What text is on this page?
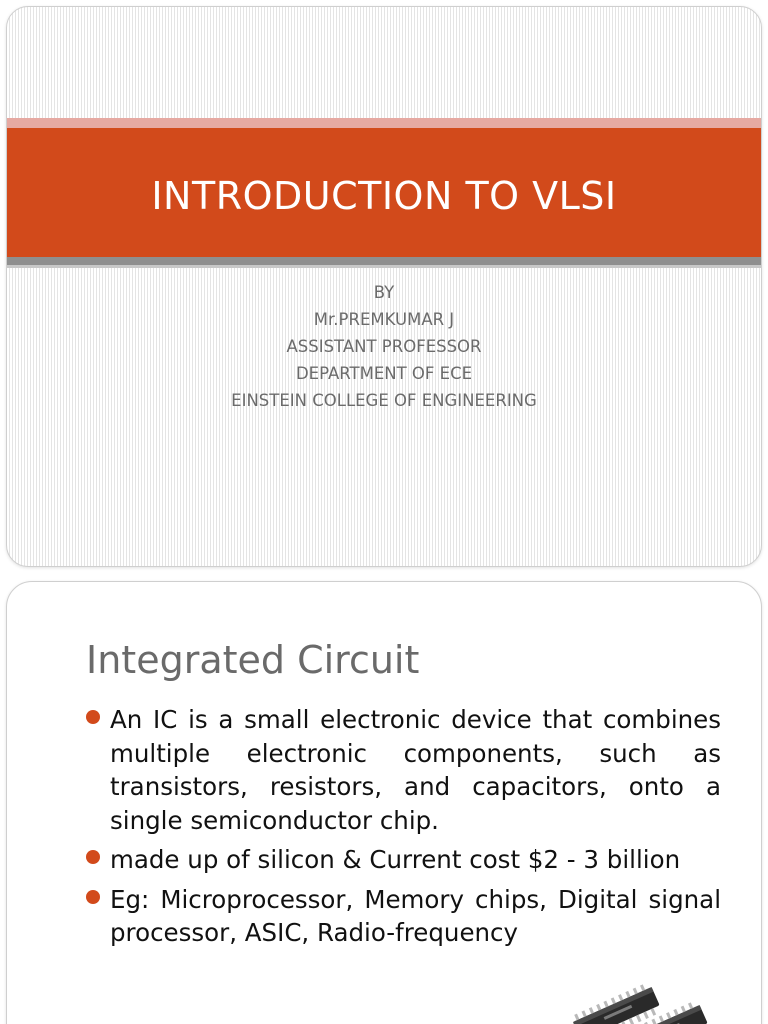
INTRODUCTION TO VLSI
BY
Mr.PREMKUMAR J
ASSISTANT PROFESSOR
DEPARTMENT OF ECE
EINSTEIN COLLEGE OF ENGINEERING
Integrated Circuit
An IC is a small electronic device that combines multiple electronic components, such as transistors, resistors, and capacitors, onto a single semiconductor chip.
made up of silicon & Current cost $2 - 3 billion
Eg: Microprocessor, Memory chips, Digital signal processor, ASIC, Radio-frequency
